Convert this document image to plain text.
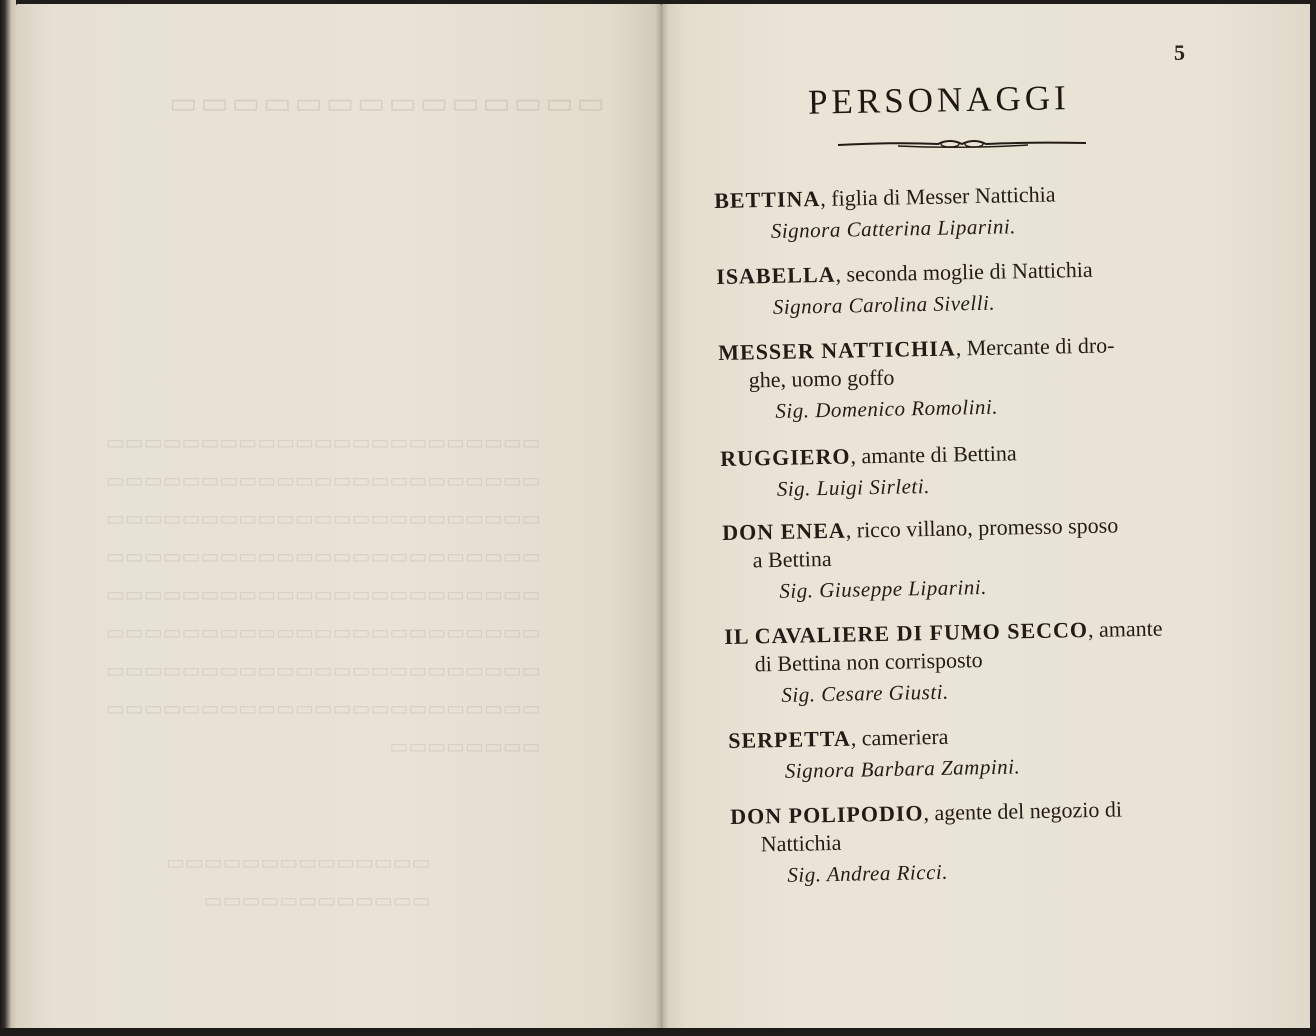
​▭▭▭▭▭▭▭▭▭▭▭▭▭▭
▭▭▭▭▭▭▭▭▭▭▭▭▭▭▭▭▭▭▭▭▭▭▭
▭▭▭▭▭▭▭▭▭▭▭▭▭▭▭▭▭▭▭▭▭▭▭
▭▭▭▭▭▭▭▭▭▭▭▭▭▭▭▭▭▭▭▭▭▭▭
▭▭▭▭▭▭▭▭▭▭▭▭▭▭▭▭▭▭▭▭▭▭▭
▭▭▭▭▭▭▭▭▭▭▭▭▭▭▭▭▭▭▭▭▭▭▭
▭▭▭▭▭▭▭▭▭▭▭▭▭▭▭▭▭▭▭▭▭▭▭
▭▭▭▭▭▭▭▭▭▭▭▭▭▭▭▭▭▭▭▭▭▭▭
▭▭▭▭▭▭▭▭▭▭▭▭▭▭▭▭▭▭▭▭▭▭▭
▭▭▭▭▭▭▭▭
▭▭▭▭▭▭▭▭▭▭▭▭▭▭
▭▭▭▭▭▭▭▭▭▭▭▭
5
PERSONAGGI
BETTINA, figlia di Messer Nattichia
Signora Catterina Liparini.
ISABELLA, seconda moglie di Nattichia
Signora Carolina Sivelli.
MESSER NATTICHIA, Mercante di dro-
ghe, uomo goffo
Sig. Domenico Romolini.
RUGGIERO, amante di Bettina
Sig. Luigi Sirleti.
DON ENEA, ricco villano, promesso sposo
a Bettina
Sig. Giuseppe Liparini.
IL CAVALIERE DI FUMO SECCO, amante
di Bettina non corrisposto
Sig. Cesare Giusti.
SERPETTA, cameriera
Signora Barbara Zampini.
DON POLIPODIO, agente del negozio di
Nattichia
Sig. Andrea Ricci.
